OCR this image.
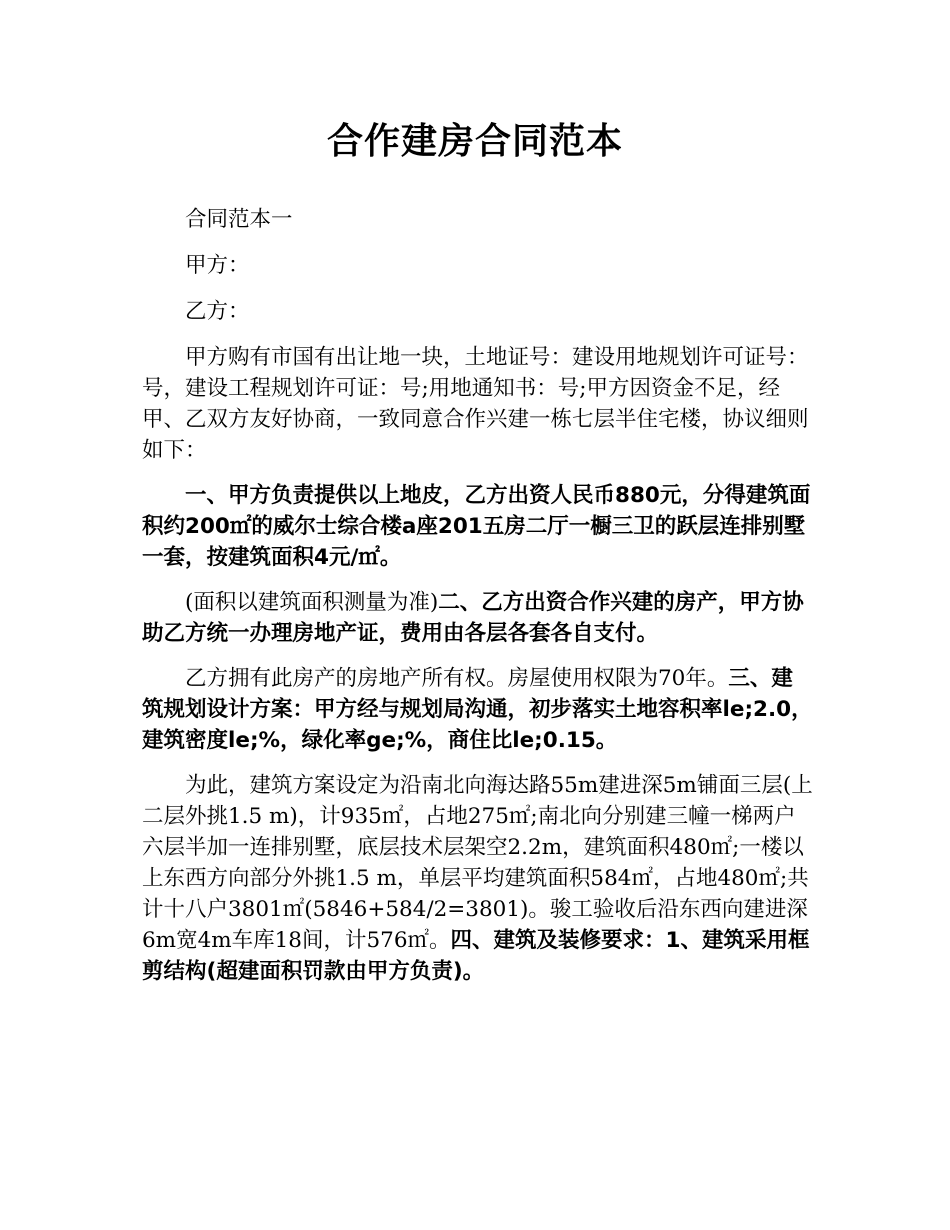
合作建房合同范本

合同范本一

甲方：

乙方：

甲方购有市国有出让地一块，土地证号：建设用地规划许可证号：号，建设工程规划许可证：号;用地通知书：号;甲方因资金不足，经甲、乙双方友好协商，一致同意合作兴建一栋七层半住宅楼，协议细则如下：

一、甲方负责提供以上地皮，乙方出资人民币880元，分得建筑面积约200㎡的威尔士综合楼a座201五房二厅一橱三卫的跃层连排别墅一套，按建筑面积4元/㎡。

(面积以建筑面积测量为准)二、乙方出资合作兴建的房产，甲方协助乙方统一办理房地产证，费用由各层各套各自支付。

乙方拥有此房产的房地产所有权。房屋使用权限为70年。三、建筑规划设计方案：甲方经与规划局沟通，初步落实土地容积率le;2.0，建筑密度le;%，绿化率ge;%，商住比le;0.15。

为此，建筑方案设定为沿南北向海达路55m建进深5m铺面三层(上二层外挑1.5 m)，计935㎡，占地275㎡;南北向分别建三幢一梯两户六层半加一连排别墅，底层技术层架空2.2m，建筑面积480㎡;一楼以上东西方向部分外挑1.5 m，单层平均建筑面积584㎡，占地480㎡;共计十八户3801㎡(5846+584/2=3801)。骏工验收后沿东西向建进深6m宽4m车库18间，计576㎡。四、建筑及装修要求：1、建筑采用框剪结构(超建面积罚款由甲方负责)。
